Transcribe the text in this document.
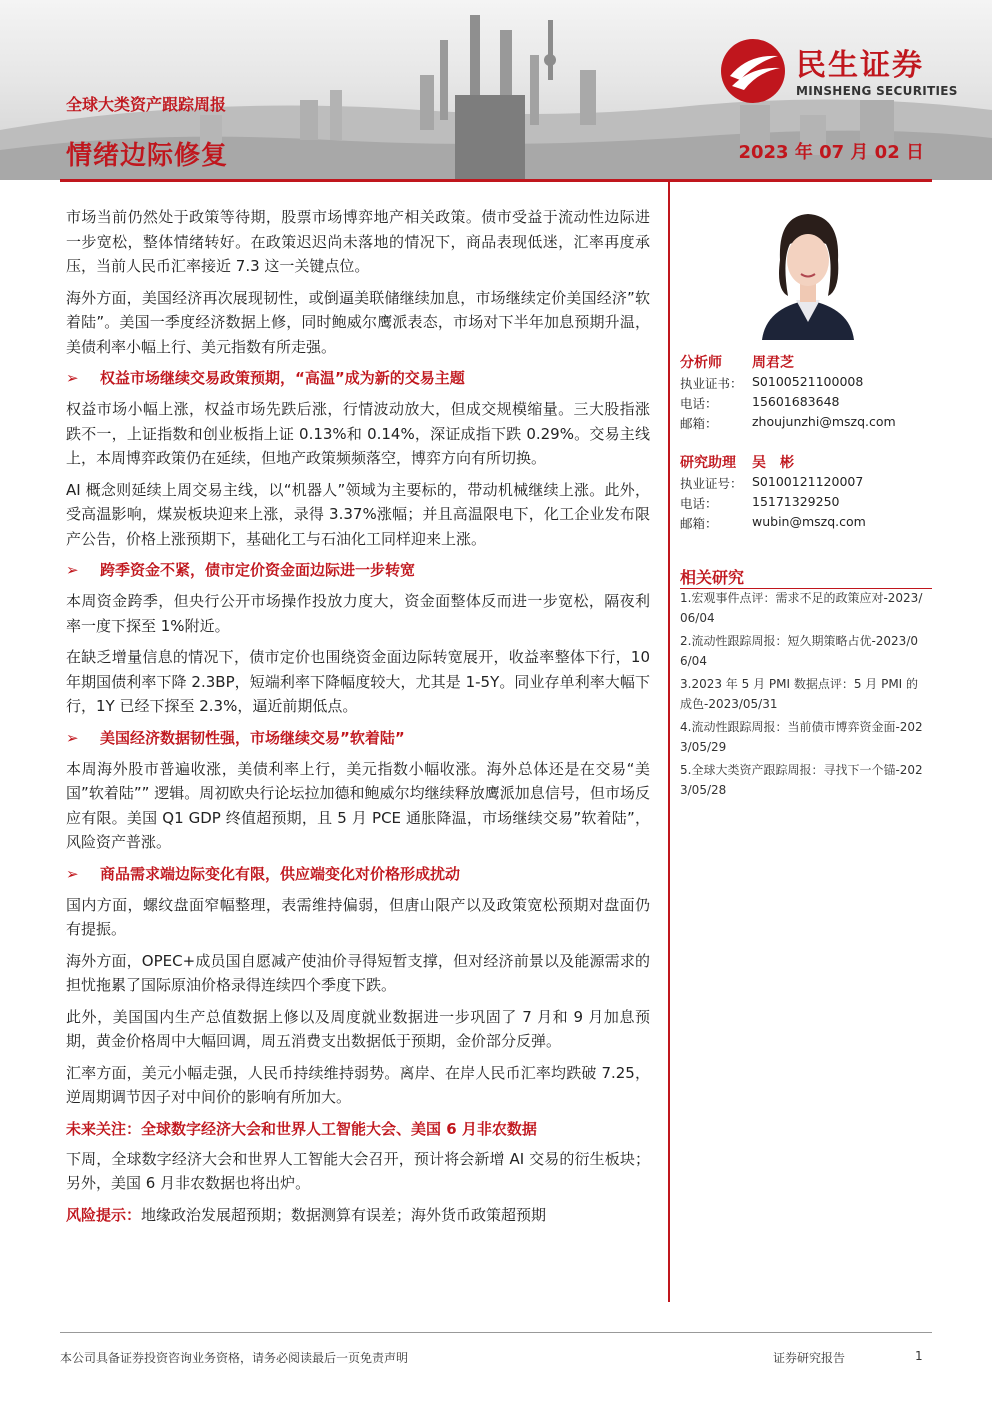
全球大类资产跟踪周报
情绪边际修复	2023 年 07 月 02 日
民生证券
MINSHENG SECURITIES

市场当前仍然处于政策等待期，股票市场博弈地产相关政策。债市受益于流动性边际进一步宽松，整体情绪转好。在政策迟迟尚未落地的情况下，商品表现低迷，汇率再度承压，当前人民币汇率接近 7.3 这一关键点位。

海外方面，美国经济再次展现韧性，或倒逼美联储继续加息，市场继续定价美国经济”软着陆”。美国一季度经济数据上修，同时鲍威尔鹰派表态，市场对下半年加息预期升温，美债利率小幅上行、美元指数有所走强。

➢ 权益市场继续交易政策预期，“高温”成为新的交易主题

权益市场小幅上涨，权益市场先跌后涨，行情波动放大，但成交规模缩量。三大股指涨跌不一，上证指数和创业板指上证 0.13%和 0.14%，深证成指下跌 0.29%。交易主线上，本周博弈政策仍在延续，但地产政策频频落空，博弈方向有所切换。

AI 概念则延续上周交易主线，以“机器人”领域为主要标的，带动机械继续上涨。此外，受高温影响，煤炭板块迎来上涨，录得 3.37%涨幅；并且高温限电下，化工企业发布限产公告，价格上涨预期下，基础化工与石油化工同样迎来上涨。

➢ 跨季资金不紧，债市定价资金面边际进一步转宽

本周资金跨季，但央行公开市场操作投放力度大，资金面整体反而进一步宽松，隔夜利率一度下探至 1%附近。

在缺乏增量信息的情况下，债市定价也围绕资金面边际转宽展开，收益率整体下行，10 年期国债利率下降 2.3BP，短端利率下降幅度较大，尤其是 1-5Y。同业存单利率大幅下行，1Y 已经下探至 2.3%，逼近前期低点。

➢ 美国经济数据韧性强，市场继续交易”软着陆”

本周海外股市普遍收涨，美债利率上行，美元指数小幅收涨。海外总体还是在交易“美国”软着陆”” 逻辑。周初欧央行论坛拉加德和鲍威尔均继续释放鹰派加息信号，但市场反应有限。美国 Q1 GDP 终值超预期，且 5 月 PCE 通胀降温，市场继续交易”软着陆”，风险资产普涨。

➢ 商品需求端边际变化有限，供应端变化对价格形成扰动

国内方面，螺纹盘面窄幅整理，表需维持偏弱，但唐山限产以及政策宽松预期对盘面仍有提振。

海外方面，OPEC+成员国自愿减产使油价寻得短暂支撑，但对经济前景以及能源需求的担忧拖累了国际原油价格录得连续四个季度下跌。

此外，美国国内生产总值数据上修以及周度就业数据进一步巩固了 7 月和 9 月加息预期，黄金价格周中大幅回调，周五消费支出数据低于预期，金价部分反弹。

汇率方面，美元小幅走强，人民币持续维持弱势。离岸、在岸人民币汇率均跌破 7.25，逆周期调节因子对中间价的影响有所加大。

未来关注：全球数字经济大会和世界人工智能大会、美国 6 月非农数据

下周，全球数字经济大会和世界人工智能大会召开，预计将会新增 AI 交易的衍生板块；另外，美国 6 月非农数据也将出炉。

风险提示：地缘政治发展超预期；数据测算有误差；海外货币政策超预期

分析师 周君芝
执业证书： S0100521100008
电话：	15601683648
邮箱：	zhoujunzhi@mszq.com
研究助理 吴　彬
执业证号： S0100121120007
电话：	15171329250
邮箱：	wubin@mszq.com
相关研究
1.宏观事件点评：需求不足的政策应对-2023/06/04
2.流动性跟踪周报：短久期策略占优-2023/06/04
3.2023 年 5 月 PMI 数据点评：5 月 PMI 的成色-2023/05/31
4.流动性跟踪周报：当前债市博弈资金面-2023/05/29
5.全球大类资产跟踪周报：寻找下一个锚-2023/05/28
本公司具备证券投资咨询业务资格，请务必阅读最后一页免责声明	证券研究报告	1
